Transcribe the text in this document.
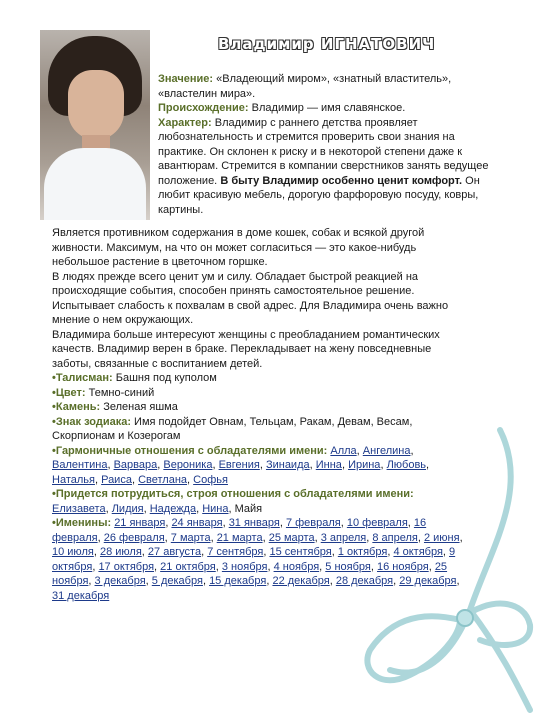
Владимир ИГНАТОВИЧ

Значение: «Владеющий миром», «знатный властитель», «властелин мира».

Происхождение: Владимир — имя славянское.

Характер: Владимир с раннего детства проявляет любознательность и стремится проверить свои знания на практике. Он склонен к риску и в некоторой степени даже к авантюрам. Стремится в компании сверстников занять ведущее положение. В быту Владимир особенно ценит комфорт. Он любит красивую мебель, дорогую фарфоровую посуду, ковры, картины.

Является противником содержания в доме кошек, собак и всякой другой живности. Максимум, на что он может согласиться — это какое-нибудь небольшое растение в цветочном горшке.

В людях прежде всего ценит ум и силу. Обладает быстрой реакцией на происходящие события, способен принять самостоятельное решение. Испытывает слабость к похвалам в свой адрес. Для Владимира очень важно мнение о нем окружающих.

Владимира больше интересуют женщины с преобладанием романтических качеств. Владимир верен в браке. Перекладывает на жену повседневные заботы, связанные с воспитанием детей.

•Талисман: Башня под куполом

•Цвет: Темно-синий

•Камень: Зеленая яшма

•Знак зодиака: Имя подойдет Овнам, Тельцам, Ракам, Девам, Весам, Скорпионам и Козерогам

•Гармоничные отношения с обладателями имени: Алла, Ангелина, Валентина, Варвара, Вероника, Евгения, Зинаида, Инна, Ирина, Любовь, Наталья, Раиса, Светлана, Софья

•Придется потрудиться, строя отношения с обладателями имени: Елизавета, Лидия, Надежда, Нина, Майя

•Именины: 21 января, 24 января, 31 января, 7 февраля, 10 февраля, 16 февраля, 26 февраля, 7 марта, 21 марта, 25 марта, 3 апреля, 8 апреля, 2 июня, 10 июля, 28 июля, 27 августа, 7 сентября, 15 сентября, 1 октября, 4 октября, 9 октября, 17 октября, 21 октября, 3 ноября, 4 ноября, 5 ноября, 16 ноября, 25 ноября, 3 декабря, 5 декабря, 15 декабря, 22 декабря, 28 декабря, 29 декабря, 31 декабря
